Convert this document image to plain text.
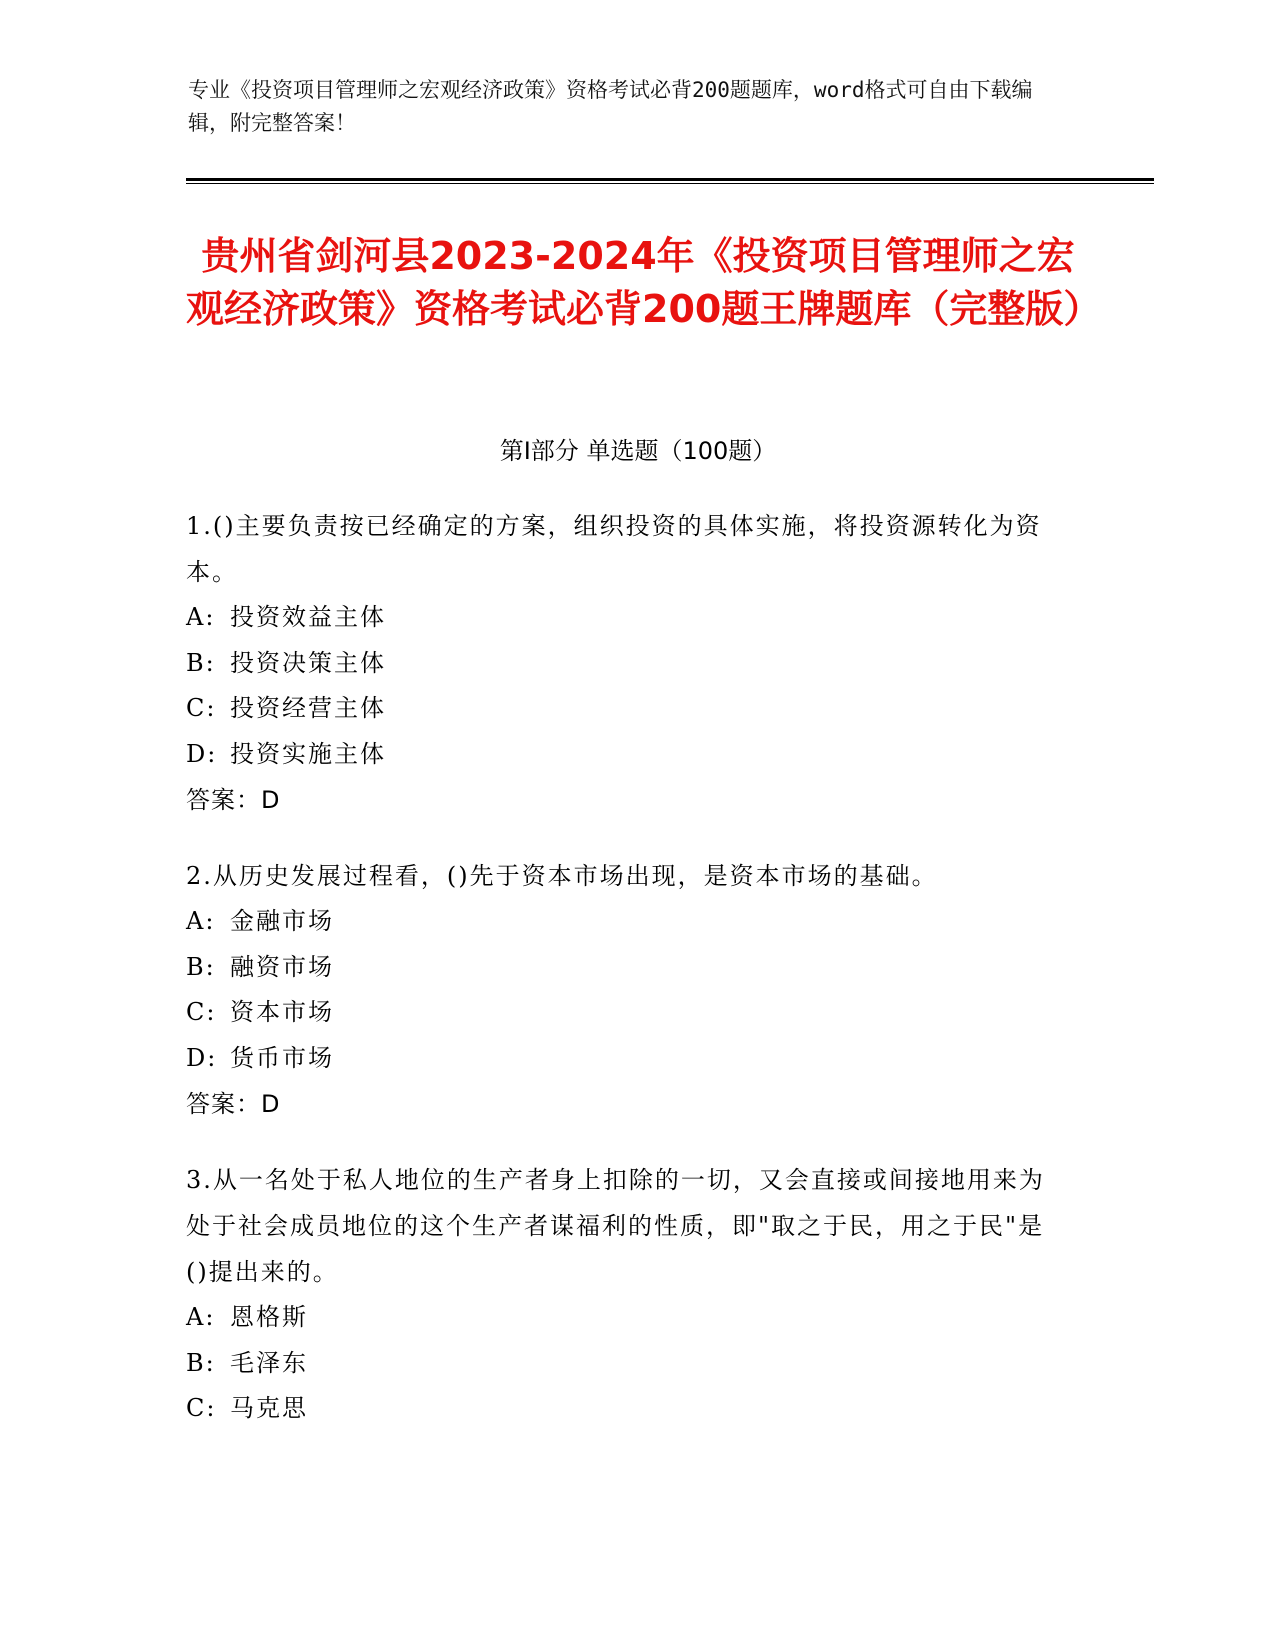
专业《投资项目管理师之宏观经济政策》资格考试必背200题题库，word格式可自由下载编辑，附完整答案！
贵州省剑河县2023-2024年《投资项目管理师之宏观经济政策》资格考试必背200题王牌题库（完整版）
第Ⅰ部分 单选题（100题）

1.()主要负责按已经确定的方案，组织投资的具体实施，将投资源转化为资本。

A: 投资效益主体

B: 投资决策主体

C: 投资经营主体

D: 投资实施主体

答案：D

2.从历史发展过程看，()先于资本市场出现，是资本市场的基础。

A: 金融市场

B: 融资市场

C: 资本市场

D: 货币市场

答案：D

3.从一名处于私人地位的生产者身上扣除的一切，又会直接或间接地用来为处于社会成员地位的这个生产者谋福利的性质，即"取之于民，用之于民"是()提出来的。

A: 恩格斯

B: 毛泽东

C: 马克思
